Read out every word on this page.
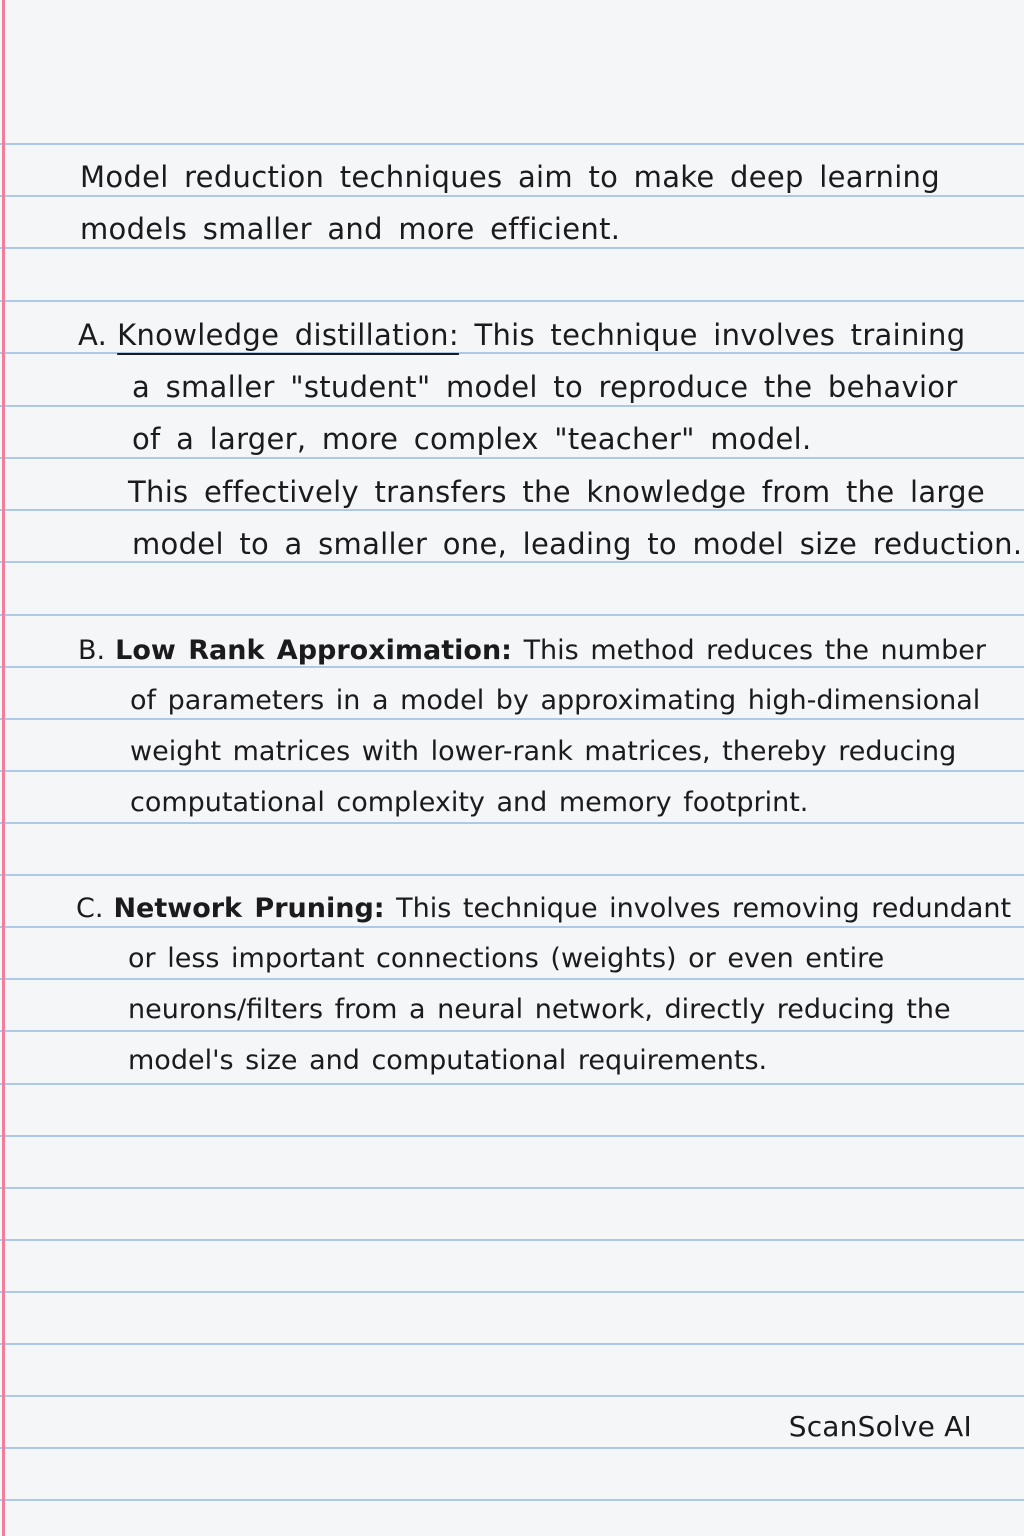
Model reduction techniques aim to make deep learning
models smaller and more efficient.
A. Knowledge distillation: This technique involves training
a smaller "student" model to reproduce the behavior
of a larger, more complex "teacher" model.
This effectively transfers the knowledge from the large
model to a smaller one, leading to model size reduction.
B. Low Rank Approximation: This method reduces the number
of parameters in a model by approximating high-dimensional
weight matrices with lower-rank matrices, thereby reducing
computational complexity and memory footprint.
C. Network Pruning: This technique involves removing redundant
or less important connections (weights) or even entire
neurons/filters from a neural network, directly reducing the
model's size and computational requirements.
ScanSolve AI
